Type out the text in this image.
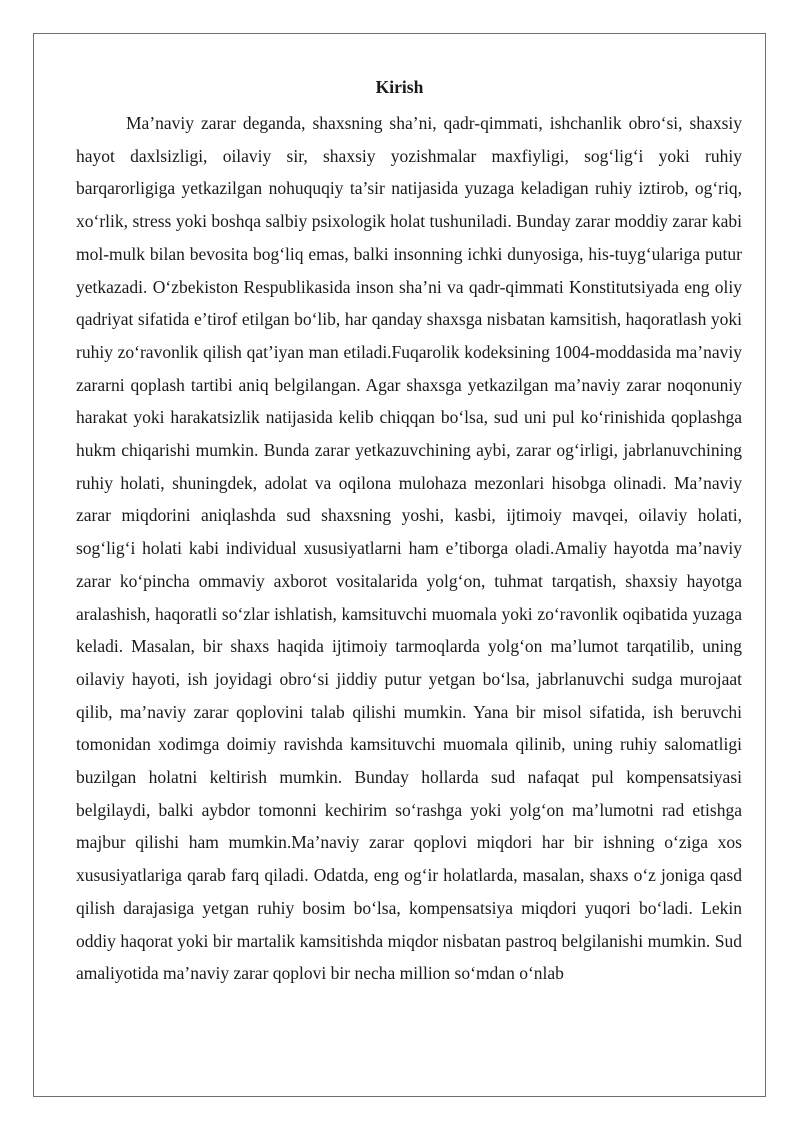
Kirish

Ma’naviy zarar deganda, shaxsning sha’ni, qadr-qimmati, ishchanlik obro‘si, shaxsiy hayot daxlsizligi, oilaviy sir, shaxsiy yozishmalar maxfiyligi, sog‘lig‘i yoki ruhiy barqarorligiga yetkazilgan nohuquqiy ta’sir natijasida yuzaga keladigan ruhiy iztirob, og‘riq, xo‘rlik, stress yoki boshqa salbiy psixologik holat tushuniladi. Bunday zarar moddiy zarar kabi mol-mulk bilan bevosita bog‘liq emas, balki insonning ichki dunyosiga, his-tuyg‘ulariga putur yetkazadi. O‘zbekiston Respublikasida inson sha’ni va qadr-qimmati Konstitutsiyada eng oliy qadriyat sifatida e’tirof etilgan bo‘lib, har qanday shaxsga nisbatan kamsitish, haqoratlash yoki ruhiy zo‘ravonlik qilish qat’iyan man etiladi.Fuqarolik kodeksining 1004-moddasida ma’naviy zararni qoplash tartibi aniq belgilangan. Agar shaxsga yetkazilgan ma’naviy zarar noqonuniy harakat yoki harakatsizlik natijasida kelib chiqqan bo‘lsa, sud uni pul ko‘rinishida qoplashga hukm chiqarishi mumkin. Bunda zarar yetkazuvchining aybi, zarar og‘irligi, jabrlanuvchining ruhiy holati, shuningdek, adolat va oqilona mulohaza mezonlari hisobga olinadi. Ma’naviy zarar miqdorini aniqlashda sud shaxsning yoshi, kasbi, ijtimoiy mavqei, oilaviy holati, sog‘lig‘i holati kabi individual xususiyatlarni ham e’tiborga oladi.Amaliy hayotda ma’naviy zarar ko‘pincha ommaviy axborot vositalarida yolg‘on, tuhmat tarqatish, shaxsiy hayotga aralashish, haqoratli so‘zlar ishlatish, kamsituvchi muomala yoki zo‘ravonlik oqibatida yuzaga keladi. Masalan, bir shaxs haqida ijtimoiy tarmoqlarda yolg‘on ma’lumot tarqatilib, uning oilaviy hayoti, ish joyidagi obro‘si jiddiy putur yetgan bo‘lsa, jabrlanuvchi sudga murojaat qilib, ma’naviy zarar qoplovini talab qilishi mumkin. Yana bir misol sifatida, ish beruvchi tomonidan xodimga doimiy ravishda kamsituvchi muomala qilinib, uning ruhiy salomatligi buzilgan holatni keltirish mumkin. Bunday hollarda sud nafaqat pul kompensatsiyasi belgilaydi, balki aybdor tomonni kechirim so‘rashga yoki yolg‘on ma’lumotni rad etishga majbur qilishi ham mumkin.Ma’naviy zarar qoplovi miqdori har bir ishning o‘ziga xos xususiyatlariga qarab farq qiladi. Odatda, eng og‘ir holatlarda, masalan, shaxs o‘z joniga qasd qilish darajasiga yetgan ruhiy bosim bo‘lsa, kompensatsiya miqdori yuqori bo‘ladi. Lekin oddiy haqorat yoki bir martalik kamsitishda miqdor nisbatan pastroq belgilanishi mumkin. Sud amaliyotida ma’naviy zarar qoplovi bir necha million so‘mdan o‘nlab
